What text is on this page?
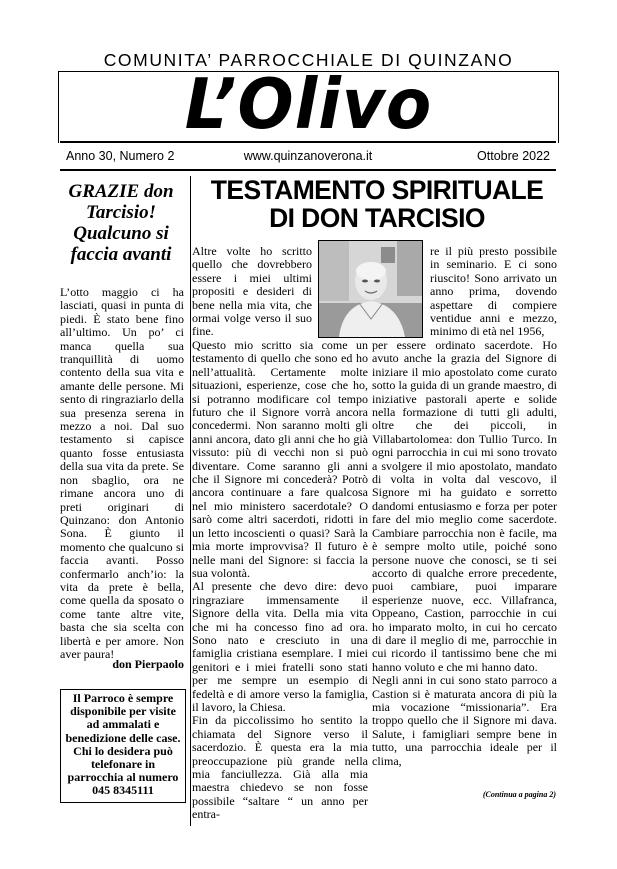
COMUNITA’ PARROCCHIALE DI QUINZANO
L’Olivo
Anno 30, Numero 2	www.quinzanoverona.it	Ottobre 2022
GRAZIE don Tarcisio! Qualcuno si faccia avanti

L’otto maggio ci ha lasciati, quasi in punta di piedi. È stato bene fino all’ultimo. Un po’ ci manca quella sua tranquillità di uomo contento della sua vita e amante delle persone. Mi sento di ringraziarlo della sua presenza serena in mezzo a noi. Dal suo testamento si capisce quanto fosse entusiasta della sua vita da prete. Se non sbaglio, ora ne rimane ancora uno di preti originari di Quinzano: don Antonio Sona. È giunto il momento che qualcuno si faccia avanti. Posso confermarlo anch’io: la vita da prete è bella, come quella da sposato o come tante altre vite, basta che sia scelta con libertà e per amore. Non aver paura!

don Pierpaolo
Il Parroco è sempre disponibile per visite ad ammalati e benedizione delle case. Chi lo desidera può telefonare in parrocchia al numero 045 8345111
TESTAMENTO SPIRITUALE DI DON TARCISIO

Altre volte ho scritto quello che dovrebbero essere i miei ultimi propositi e desideri di bene nella mia vita, che ormai volge verso il suo fine.

Questo mio scritto sia come un testamento di quello che sono ed ho nell’attualità. Certamente molte situazioni, esperienze, cose che ho, si potranno modificare col tempo futuro che il Signore vorrà ancora concedermi. Non saranno molti gli anni ancora, dato gli anni che ho già vissuto: più di vecchi non si può diventare. Come saranno gli anni che il Signore mi concederà? Potrò ancora continuare a fare qualcosa nel mio ministero sacerdotale? O sarò come altri sacerdoti, ridotti in un letto incoscienti o quasi? Sarà la mia morte improvvisa? Il futuro è nelle mani del Signore: si faccia la sua volontà.

Al presente che devo dire: devo ringraziare immensamente il Signore della vita. Della mia vita che mi ha concesso fino ad ora. Sono nato e cresciuto in una famiglia cristiana esemplare. I miei genitori e i miei fratelli sono stati per me sempre un esempio di fedeltà e di amore verso la famiglia, il lavoro, la Chiesa.

Fin da piccolissimo ho sentito la chiamata del Signore verso il sacerdozio. È questa era la mia preoccupazione più grande nella mia fanciullezza. Già alla mia maestra chiedevo se non fosse possibile “saltare “ un anno per entra-

re il più presto possibile in seminario. E ci sono riuscito! Sono arrivato un anno prima, dovendo aspettare di compiere ventidue anni e mezzo, minimo di età nel 1956,

per essere ordinato sacerdote. Ho avuto anche la grazia del Signore di iniziare il mio apostolato come curato sotto la guida di un grande maestro, di iniziative pastorali aperte e solide nella formazione di tutti gli adulti, oltre che dei piccoli, in Villabartolomea: don Tullio Turco. In ogni parrocchia in cui mi sono trovato a svolgere il mio apostolato, mandato di volta in volta dal vescovo, il Signore mi ha guidato e sorretto dandomi entusiasmo e forza per poter fare del mio meglio come sacerdote. Cambiare parrocchia non è facile, ma è sempre molto utile, poiché sono persone nuove che conosci, se ti sei accorto di qualche errore precedente, puoi cambiare, puoi imparare esperienze nuove, ecc. Villafranca, Oppeano, Castion, parrocchie in cui ho imparato molto, in cui ho cercato di dare il meglio di me, parrocchie in cui ricordo il tantissimo bene che mi hanno voluto e che mi hanno dato.

Negli anni in cui sono stato parroco a Castion si è maturata ancora di più la mia vocazione “missionaria”. Era troppo quello che il Signore mi dava. Salute, i famigliari sempre bene in tutto, una parrocchia ideale per il clima,

(Continua a pagina 2)
